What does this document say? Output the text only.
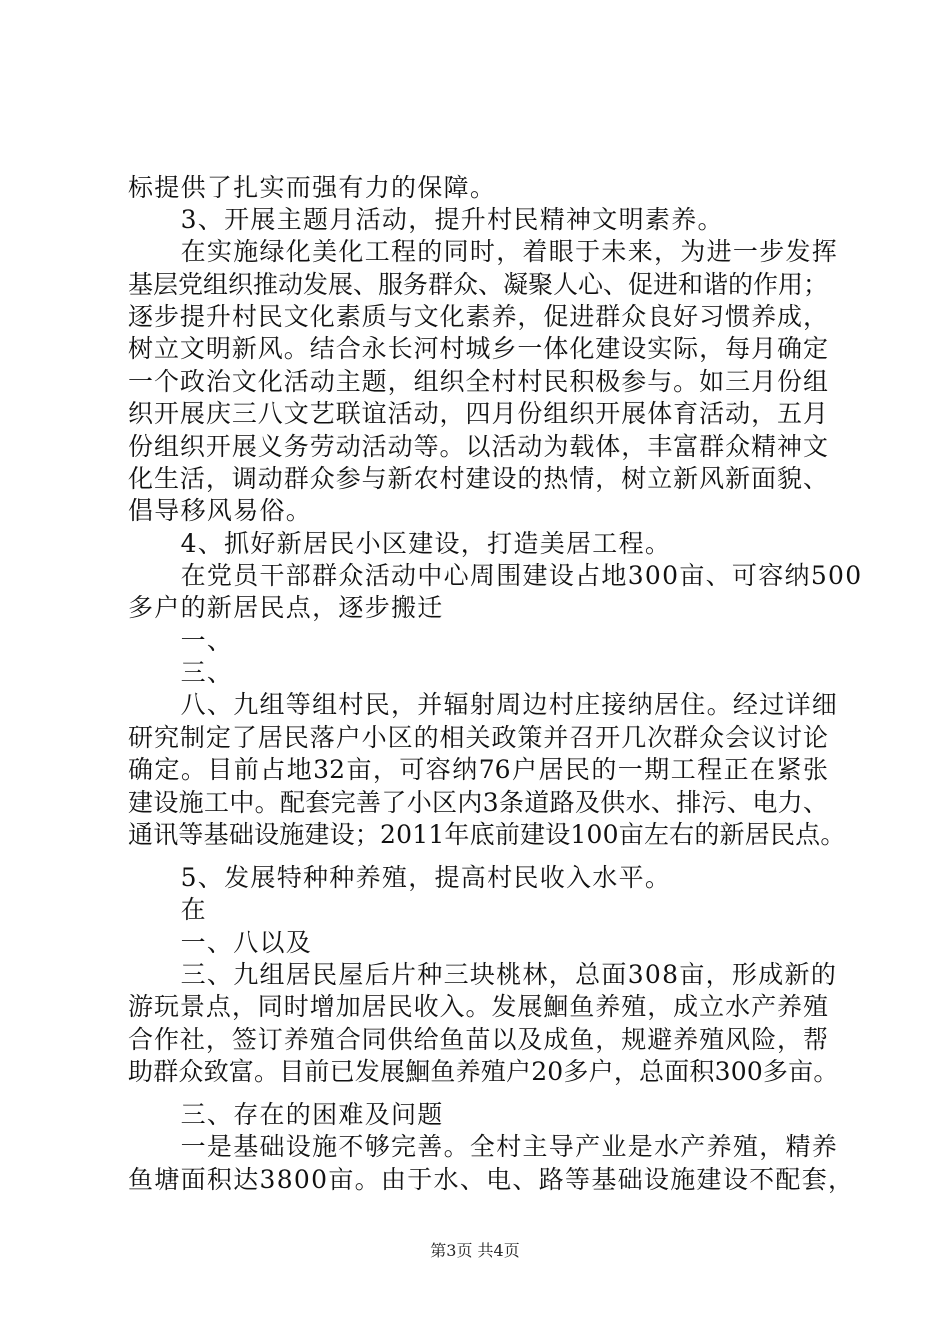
标提供了扎实而强有力的保障。
　　3、开展主题月活动，提升村民精神文明素养。
　　在实施绿化美化工程的同时，着眼于未来，为进一步发挥
基层党组织推动发展、服务群众、凝聚人心、促进和谐的作用；
逐步提升村民文化素质与文化素养，促进群众良好习惯养成，
树立文明新风。结合永长河村城乡一体化建设实际，每月确定
一个政治文化活动主题，组织全村村民积极参与。如三月份组
织开展庆三八文艺联谊活动，四月份组织开展体育活动，五月
份组织开展义务劳动活动等。以活动为载体，丰富群众精神文
化生活，调动群众参与新农村建设的热情，树立新风新面貌、
倡导移风易俗。
　　4、抓好新居民小区建设，打造美居工程。
　　在党员干部群众活动中心周围建设占地300亩、可容纳500
多户的新居民点，逐步搬迁
　　一、
　　三、
　　八、九组等组村民，并辐射周边村庄接纳居住。经过详细
研究制定了居民落户小区的相关政策并召开几次群众会议讨论
确定。目前占地32亩，可容纳76户居民的一期工程正在紧张
建设施工中。配套完善了小区内3条道路及供水、排污、电力、
通讯等基础设施建设；2011年底前建设100亩左右的新居民点。
　　5、发展特种种养殖，提高村民收入水平。
　　在
　　一、八以及
　　三、九组居民屋后片种三块桃林，总面308亩，形成新的
游玩景点，同时增加居民收入。发展鮰鱼养殖，成立水产养殖
合作社，签订养殖合同供给鱼苗以及成鱼，规避养殖风险，帮
助群众致富。目前已发展鮰鱼养殖户20多户，总面积300多亩。
　　三、存在的困难及问题
　　一是基础设施不够完善。全村主导产业是水产养殖，精养
鱼塘面积达3800亩。由于水、电、路等基础设施建设不配套，
第3页 共4页
